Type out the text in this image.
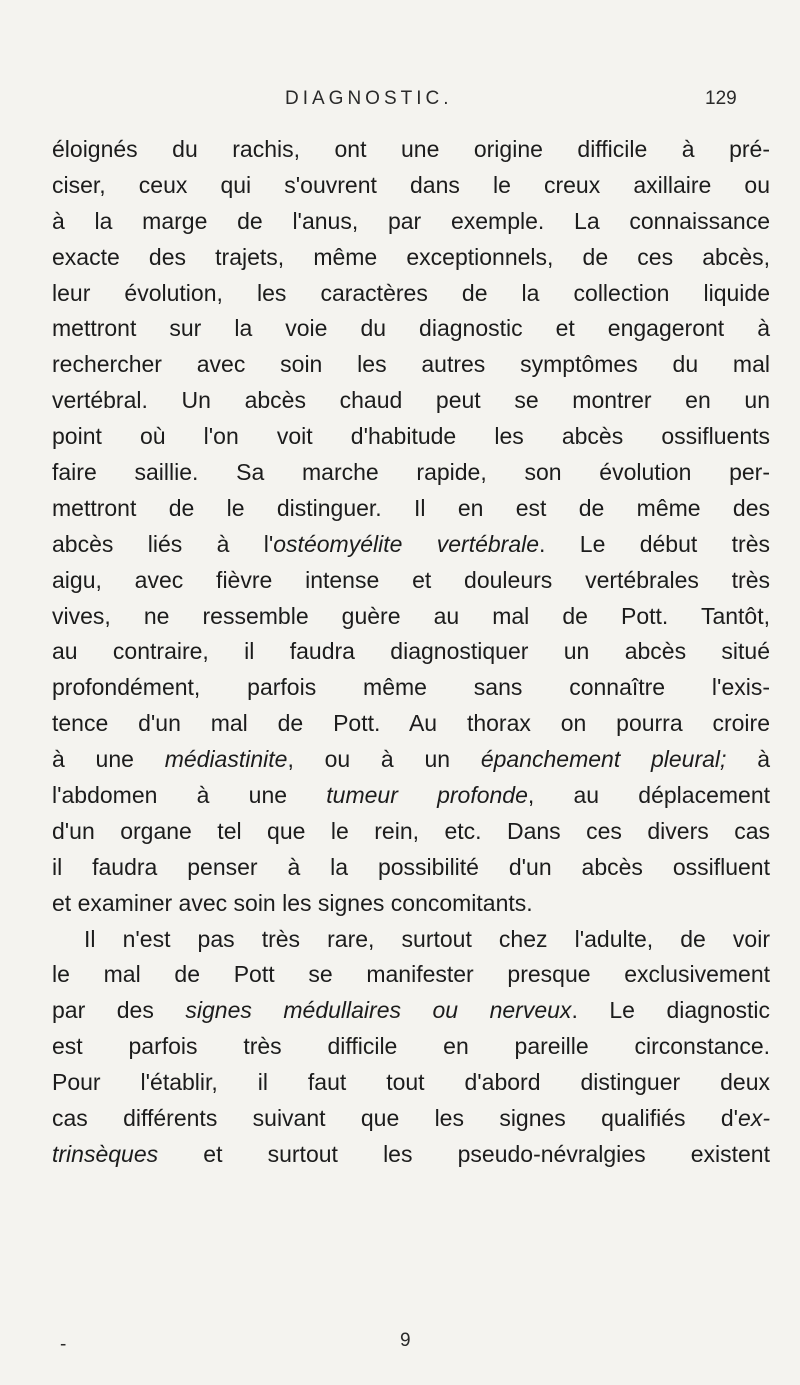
DIAGNOSTIC.	129
éloignés du rachis, ont une origine difficile à pré-
ciser, ceux qui s'ouvrent dans le creux axillaire ou
à la marge de l'anus, par exemple. La connaissance
exacte des trajets, même exceptionnels, de ces abcès,
leur évolution, les caractères de la collection liquide
mettront sur la voie du diagnostic et engageront à
rechercher avec soin les autres symptômes du mal
vertébral. Un abcès chaud peut se montrer en un
point où l'on voit d'habitude les abcès ossifluents
faire saillie. Sa marche rapide, son évolution per-
mettront de le distinguer. Il en est de même des
abcès liés à l'ostéomyélite vertébrale. Le début très
aigu, avec fièvre intense et douleurs vertébrales très
vives, ne ressemble guère au mal de Pott. Tantôt,
au contraire, il faudra diagnostiquer un abcès situé
profondément, parfois même sans connaître l'exis-
tence d'un mal de Pott. Au thorax on pourra croire
à une médiastinite, ou à un épanchement pleural; à
l'abdomen à une tumeur profonde, au déplacement
d'un organe tel que le rein, etc. Dans ces divers cas
il faudra penser à la possibilité d'un abcès ossifluent
et examiner avec soin les signes concomitants.
Il n'est pas très rare, surtout chez l'adulte, de voir
le mal de Pott se manifester presque exclusivement
par des signes médullaires ou nerveux. Le diagnostic
est parfois très difficile en pareille circonstance.
Pour l'établir, il faut tout d'abord distinguer deux
cas différents suivant que les signes qualifiés d'ex-
trinsèques et surtout les pseudo-névralgies existent
-	9
